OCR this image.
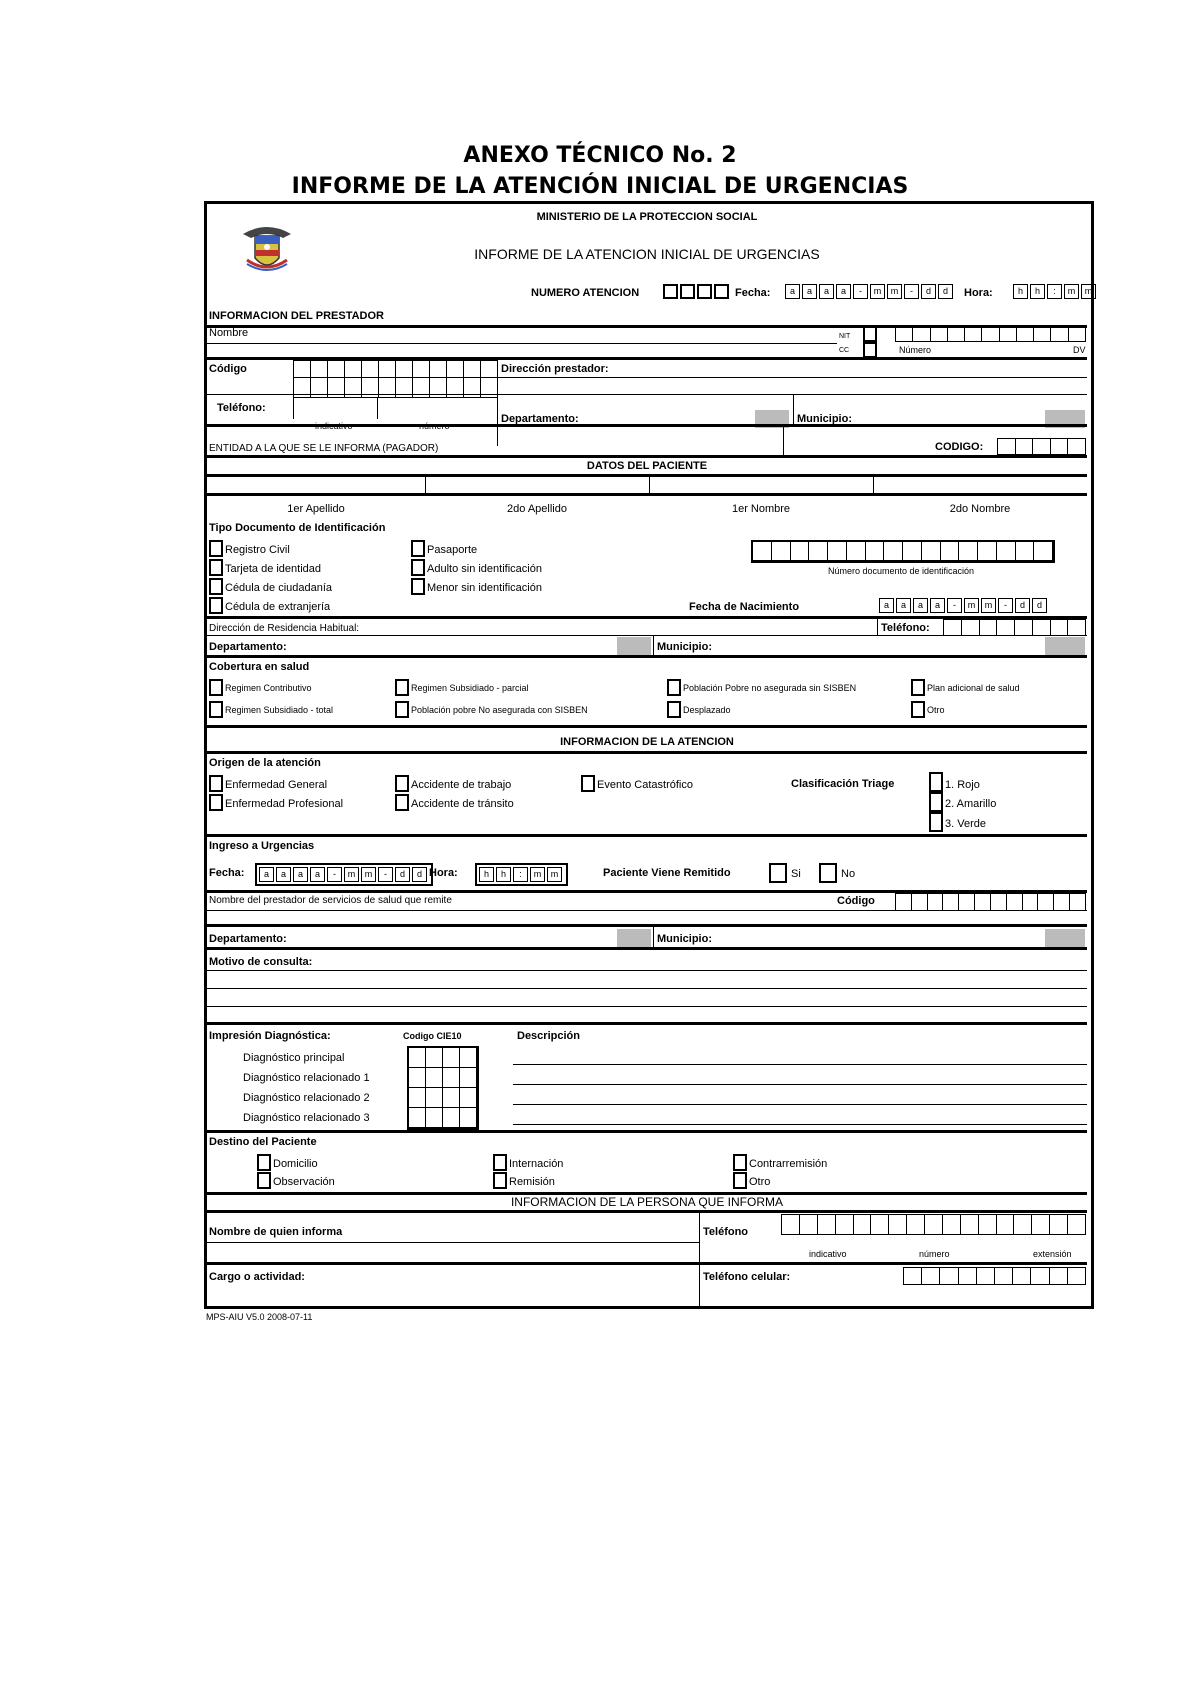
ANEXO TÉCNICO No. 2
INFORME DE LA ATENCIÓN INICIAL DE URGENCIAS
MINISTERIO DE LA PROTECCION SOCIAL
INFORME DE LA ATENCION INICIAL DE URGENCIAS
NUMERO ATENCION	Fecha:	a	a	a	a	-	m	m	-	d	d	Hora:	h	h	:	m	m
INFORMACION DEL PRESTADOR
Nombre	NIT
CC	Número	DV
Código	Dirección prestador:
Teléfono:
indicativo	número
Departamento:	Municipio:
ENTIDAD A LA QUE SE LE INFORMA (PAGADOR)	CODIGO:
DATOS DEL PACIENTE
1er Apellido	2do Apellido	1er Nombre	2do Nombre
Tipo Documento de Identificación
Registro Civil
Tarjeta de identidad
Cédula de ciudadanía
Cédula de extranjería
Pasaporte
Adulto sin identificación
Menor sin identificación
Número documento de identificación
Fecha de Nacimiento	a	a	a	a	-	m	m	-	d	d
Dirección de Residencia Habitual:	Teléfono:
Departamento:	Municipio:
Cobertura en salud
Regimen Contributivo	Regimen Subsidiado - parcial	Población Pobre no asegurada sin SISBEN	Plan adicional de salud
Regimen Subsidiado - total	Población pobre No asegurada con SISBEN	Desplazado	Otro
INFORMACION DE LA ATENCION
Origen de la atención
Enfermedad General
Enfermedad Profesional
Accidente de trabajo
Accidente de tránsito
Evento Catastrófico	Clasificación Triage	1. Rojo
2. Amarillo
3. Verde
Ingreso a Urgencias
Fecha:	a	a	a	a	-	m	m	-	d	d Hora:	h	h	:	m	m	Paciente Viene Remitido	Si	No
Nombre del prestador de servicios de salud que remite	Código
Departamento:	Municipio:
Motivo de consulta:
Impresión Diagnóstica:	Codigo CIE10	Descripción
Diagnóstico principal
Diagnóstico relacionado 1
Diagnóstico relacionado 2
Diagnóstico relacionado 3
Destino del Paciente
Domicilio
Observación
Internación
Remisión
Contrarremisión
Otro
INFORMACION DE LA PERSONA QUE INFORMA
Nombre de quien informa	Teléfono
indicativo	número	extensión
Cargo o actividad:	Teléfono celular:
MPS-AIU V5.0 2008-07-11
